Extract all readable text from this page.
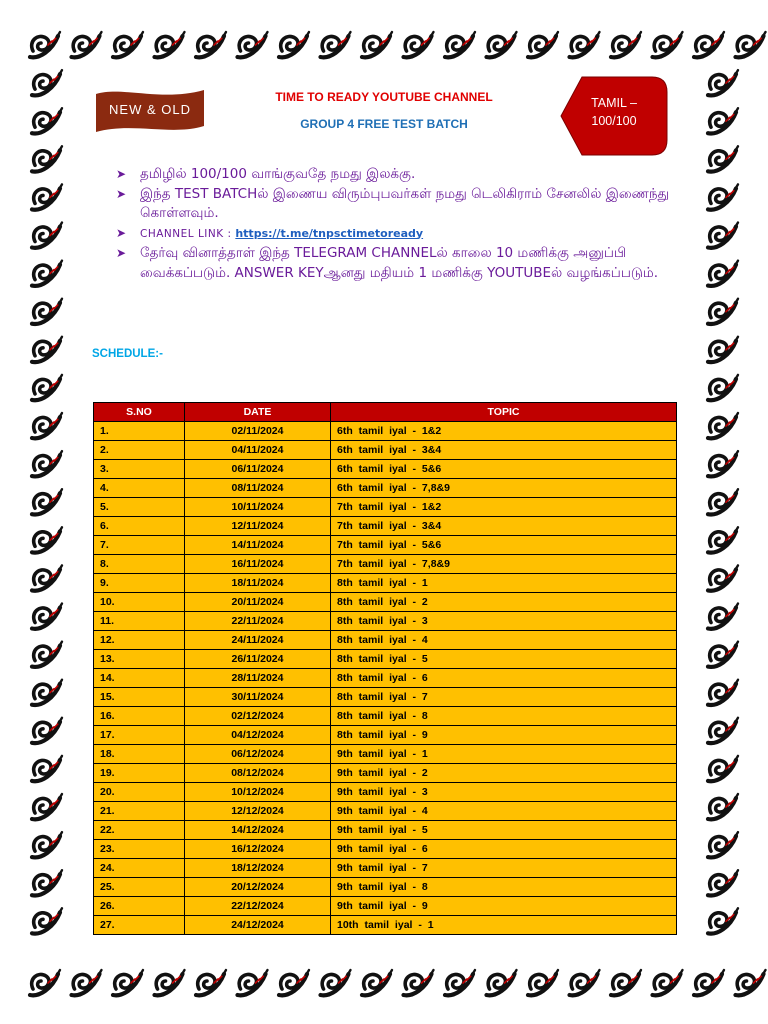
NEW & OLD
TIME TO READY YOUTUBE CHANNEL
GROUP 4 FREE TEST BATCH
TAMIL –
100/100
➤ தமிழில் 100/100 வாங்குவதே நமது இலக்கு.
➤ இந்த TEST BATCHல் இணைய விரும்புபவர்கள் நமது டெலிகிராம் சேனலில் இணைந்து கொள்ளவும்.
➤ CHANNEL LINK : https://t.me/tnpsctimetoready
➤ தேர்வு வினாத்தாள் இந்த TELEGRAM CHANNELல் காலை 10 மணிக்கு அனுப்பி வைக்கப்படும். ANSWER KEYஆனது மதியம் 1 மணிக்கு YOUTUBEல் வழங்கப்படும்.
SCHEDULE:-
S.NO	DATE	TOPIC
1.	02/11/2024	6th tamil iyal - 1&2
2.	04/11/2024	6th tamil iyal - 3&4
3.	06/11/2024	6th tamil iyal - 5&6
4.	08/11/2024	6th tamil iyal - 7,8&9
5.	10/11/2024	7th tamil iyal - 1&2
6.	12/11/2024	7th tamil iyal - 3&4
7.	14/11/2024	7th tamil iyal - 5&6
8.	16/11/2024	7th tamil iyal - 7,8&9
9.	18/11/2024	8th tamil iyal - 1
10.	20/11/2024	8th tamil iyal - 2
11.	22/11/2024	8th tamil iyal - 3
12.	24/11/2024	8th tamil iyal - 4
13.	26/11/2024	8th tamil iyal - 5
14.	28/11/2024	8th tamil iyal - 6
15.	30/11/2024	8th tamil iyal - 7
16.	02/12/2024	8th tamil iyal - 8
17.	04/12/2024	8th tamil iyal - 9
18.	06/12/2024	9th tamil iyal - 1
19.	08/12/2024	9th tamil iyal - 2
20.	10/12/2024	9th tamil iyal - 3
21.	12/12/2024	9th tamil iyal - 4
22.	14/12/2024	9th tamil iyal - 5
23.	16/12/2024	9th tamil iyal - 6
24.	18/12/2024	9th tamil iyal - 7
25.	20/12/2024	9th tamil iyal - 8
26.	22/12/2024	9th tamil iyal - 9
27.	24/12/2024	10th tamil iyal - 1
